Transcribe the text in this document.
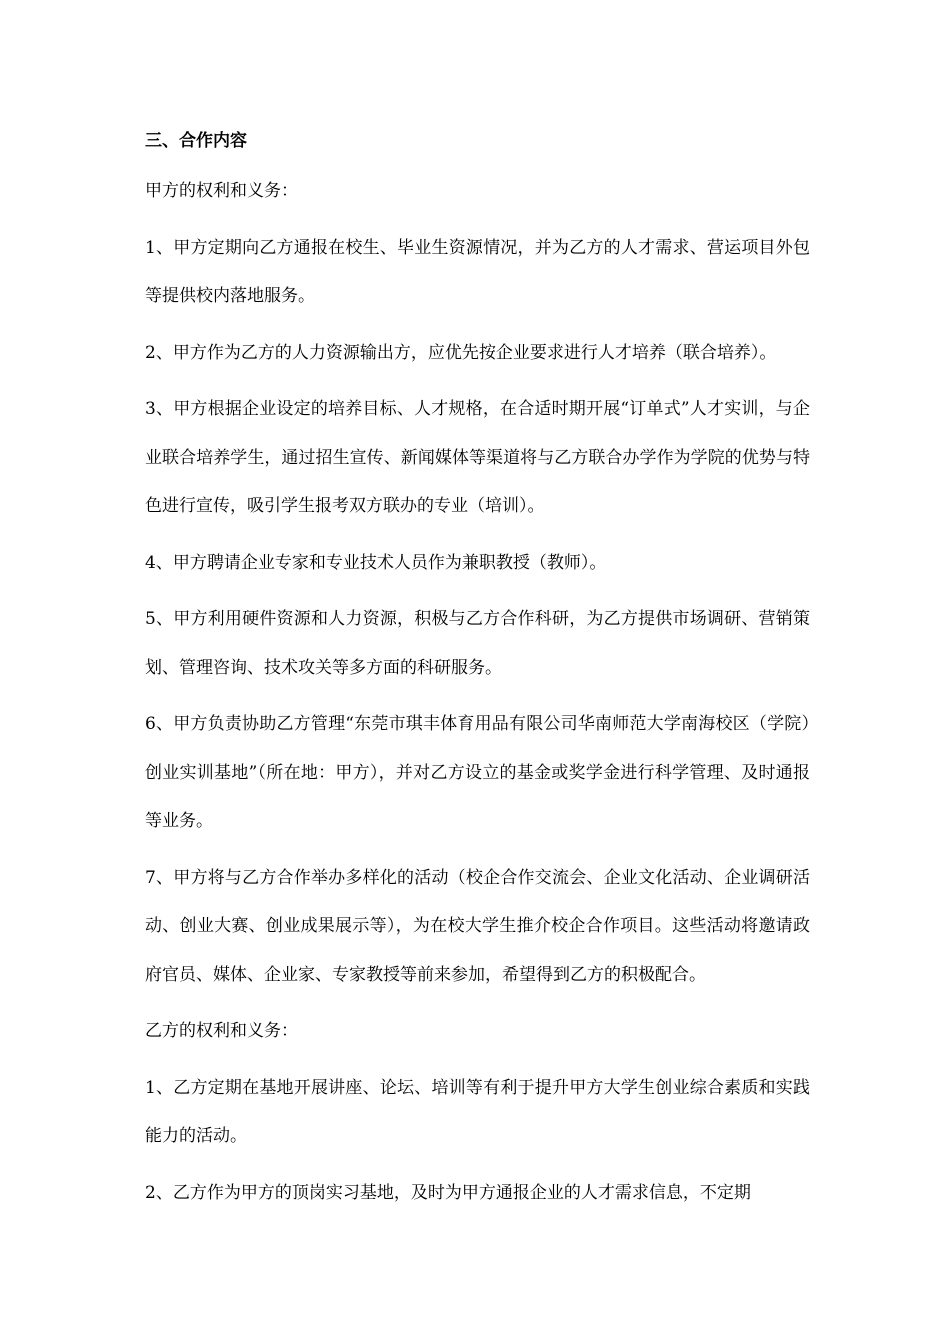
三、合作内容

甲方的权利和义务：

1、甲方定期向乙方通报在校生、毕业生资源情况，并为乙方的人才需求、营运项目外包等提供校内落地服务。

2、甲方作为乙方的人力资源输出方，应优先按企业要求进行人才培养（联合培养）。

3、甲方根据企业设定的培养目标、人才规格，在合适时期开展“订单式”人才实训，与企业联合培养学生，通过招生宣传、新闻媒体等渠道将与乙方联合办学作为学院的优势与特色进行宣传，吸引学生报考双方联办的专业（培训）。

4、甲方聘请企业专家和专业技术人员作为兼职教授（教师）。

5、甲方利用硬件资源和人力资源，积极与乙方合作科研，为乙方提供市场调研、营销策划、管理咨询、技术攻关等多方面的科研服务。

6、甲方负责协助乙方管理“东莞市琪丰体育用品有限公司华南师范大学南海校区（学院）创业实训基地”（所在地：甲方），并对乙方设立的基金或奖学金进行科学管理、及时通报等业务。

7、甲方将与乙方合作举办多样化的活动（校企合作交流会、企业文化活动、企业调研活动、创业大赛、创业成果展示等），为在校大学生推介校企合作项目。这些活动将邀请政府官员、媒体、企业家、专家教授等前来参加，希望得到乙方的积极配合。

乙方的权利和义务：

1、乙方定期在基地开展讲座、论坛、培训等有利于提升甲方大学生创业综合素质和实践能力的活动。

2、乙方作为甲方的顶岗实习基地，及时为甲方通报企业的人才需求信息，不定期
